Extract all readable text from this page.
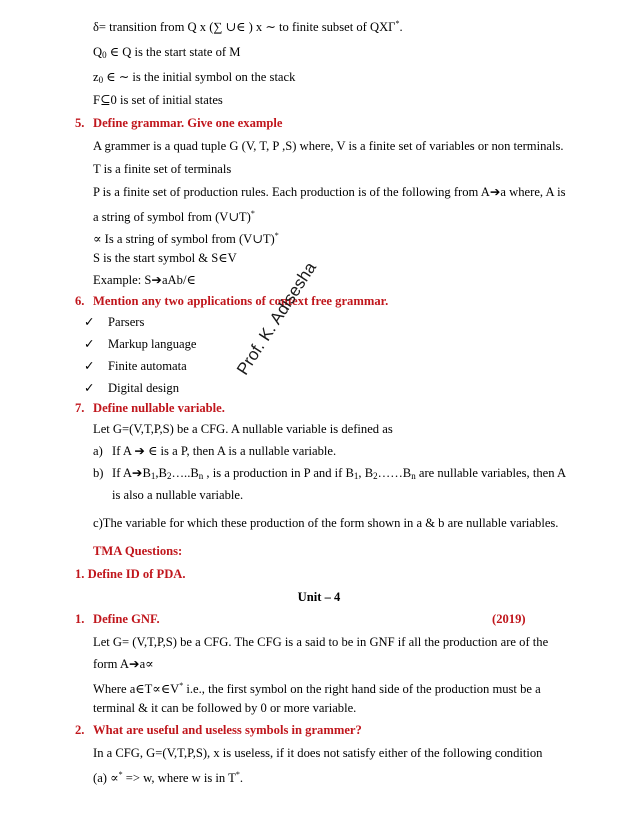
δ= transition from Q x (∑ ∪∈ ) x ∼ to finite subset of QXΓ*.
$Q_0$ ∈ Q is the start state of M
$z_0$ ∈ ∼ is the initial symbol on the stack
F⊆0 is set of initial states
5. Define grammar. Give one example
A grammer is a quad tuple G (V, T, P ,S) where, V is a finite set of variables or non terminals.
T is a finite set of terminals
P is a finite set of production rules. Each production is of the following from A➔a where, A is
a string of symbol from (V∪T)*
∝ Is a string of symbol from (V∪T)*
S is the start symbol & S∈V
Example: S➔aAb/∈
6. Mention any two applications of context free grammar.
✓ Parsers
✓ Markup language
✓ Finite automata
✓ Digital design
7. Define nullable variable.
Let G=(V,T,P,S) be a CFG. A nullable variable is defined as
a) If A ➔ ∈ is a P, then A is a nullable variable.
b) If $A➔B_1,B_2\dots..B_n$ , is a production in P and if $B_1$, $B_2\dots\dots B_n$ are nullable variables, then A
is also a nullable variable.
c)The variable for which these production of the form shown in a & b are nullable variables.
TMA Questions:
1. Define ID of PDA.
Unit – 4
1. Define GNF.	(2019)
Let G= (V,T,P,S) be a CFG. The CFG is a said to be in GNF if all the production are of the
form A➔a∝
Where a∈T∝∈V* i.e., the first symbol on the right hand side of the production must be a
terminal & it can be followed by 0 or more variable.
2. What are useful and useless symbols in grammer?
In a CFG, G=(V,T,P,S), x is useless, if it does not satisfy either of the following condition
(a) ∝* => w, where w is in T*.
Prof. K. Adisesha
